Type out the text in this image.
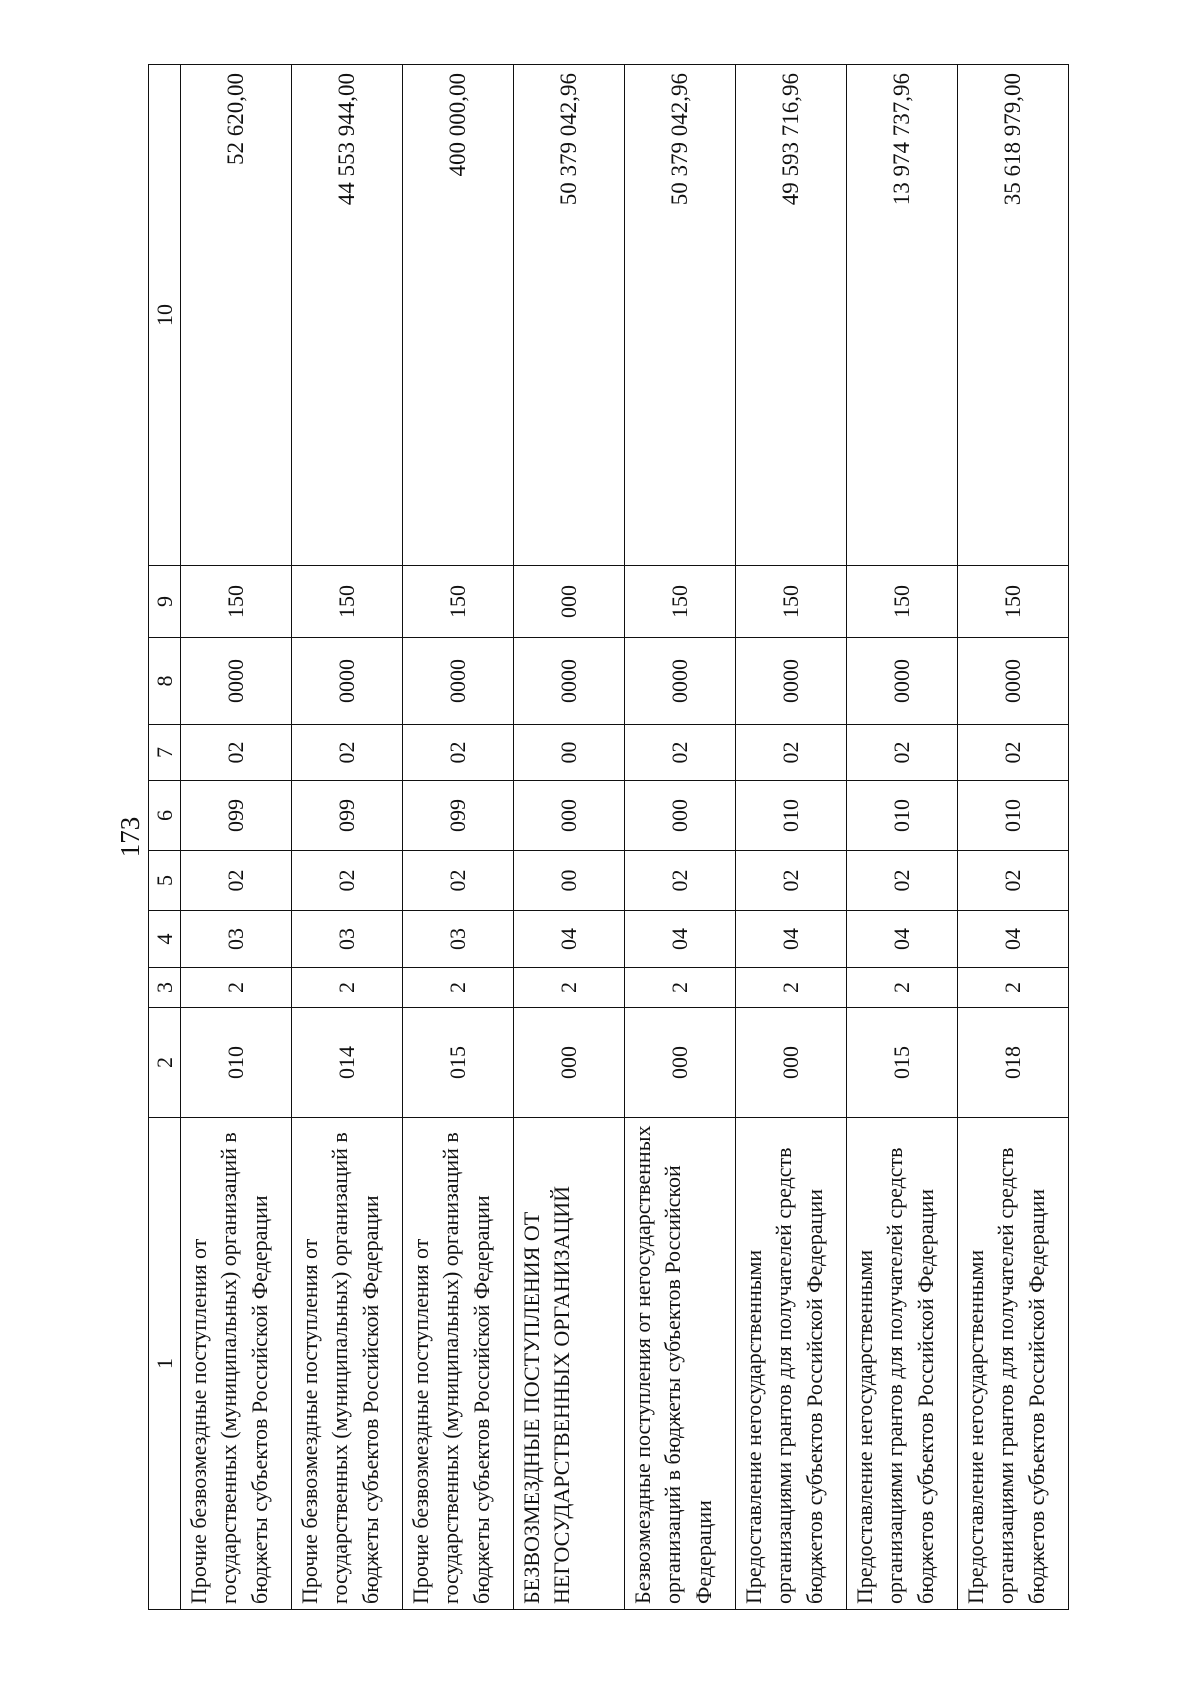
173
1	2	3	4	5	6	7	8	9	10
Прочие безвозмездные поступления от государственных (муниципальных) организаций в бюджеты субъектов Российской Федерации	010	2	03	02	099	02	0000	150	52 620,00
Прочие безвозмездные поступления от государственных (муниципальных) организаций в бюджеты субъектов Российской Федерации	014	2	03	02	099	02	0000	150	44 553 944,00
Прочие безвозмездные поступления от государственных (муниципальных) организаций в бюджеты субъектов Российской Федерации	015	2	03	02	099	02	0000	150	400 000,00
БЕЗВОЗМЕЗДНЫЕ ПОСТУПЛЕНИЯ ОТ НЕГОСУДАРСТВЕННЫХ ОРГАНИЗАЦИЙ	000	2	04	00	000	00	0000	000	50 379 042,96
Безвозмездные поступления от негосударственных организаций в бюджеты субъектов Российской Федерации	000	2	04	02	000	02	0000	150	50 379 042,96
Предоставление негосударственными организациями грантов для получателей средств бюджетов субъектов Российской Федерации	000	2	04	02	010	02	0000	150	49 593 716,96
Предоставление негосударственными организациями грантов для получателей средств бюджетов субъектов Российской Федерации	015	2	04	02	010	02	0000	150	13 974 737,96
Предоставление негосударственными организациями грантов для получателей средств бюджетов субъектов Российской Федерации	018	2	04	02	010	02	0000	150	35 618 979,00
